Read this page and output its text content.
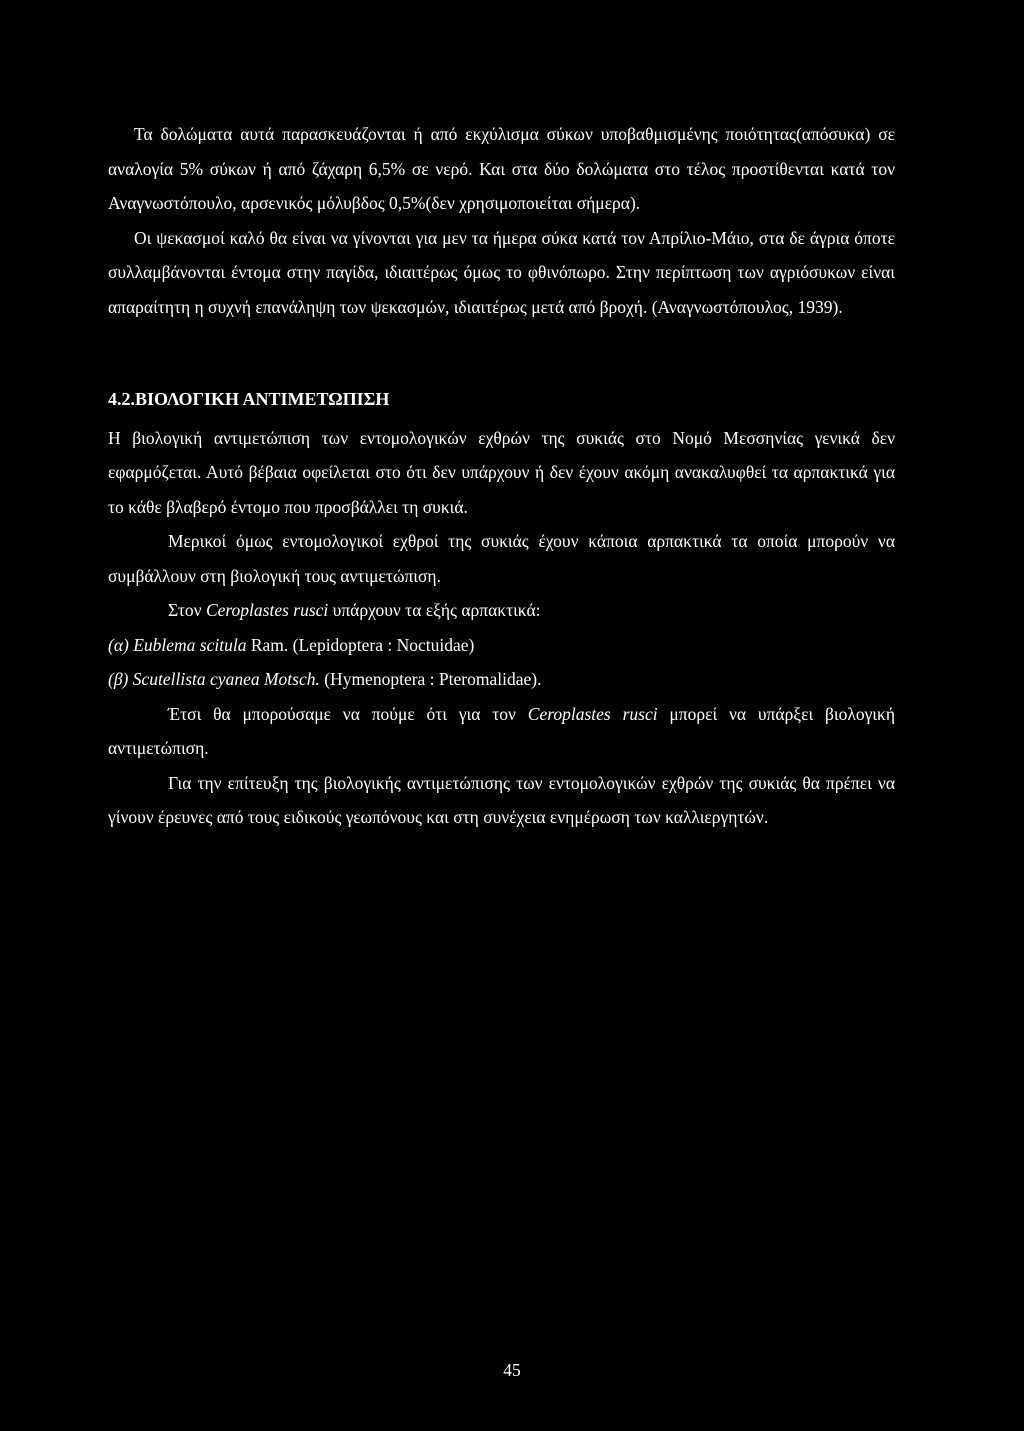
Τα δολώματα αυτά παρασκευάζονται ή από εκχύλισμα σύκων υποβαθμισμένης ποιότητας(απόσυκα) σε αναλογία 5% σύκων ή από ζάχαρη 6,5% σε νερό. Και στα δύο δολώματα στο τέλος προστίθενται κατά τον Αναγνωστόπουλο, αρσενικός μόλυβδος 0,5%(δεν χρησιμοποιείται σήμερα).

Οι ψεκασμοί καλό θα είναι να γίνονται για μεν τα ήμερα σύκα κατά τον Απρίλιο-Μάιο, στα δε άγρια όποτε συλλαμβάνονται έντομα στην παγίδα, ιδιαιτέρως όμως το φθινόπωρο. Στην περίπτωση των αγριόσυκων είναι απαραίτητη η συχνή επανάληψη των ψεκασμών, ιδιαιτέρως μετά από βροχή. (Αναγνωστόπουλος, 1939).

4.2.ΒΙΟΛΟΓΙΚΗ ΑΝΤΙΜΕΤΩΠΙΣΗ

Η βιολογική αντιμετώπιση των εντομολογικών εχθρών της συκιάς στο Νομό Μεσσηνίας γενικά δεν εφαρμόζεται. Αυτό βέβαια οφείλεται στο ότι δεν υπάρχουν ή δεν έχουν ακόμη ανακαλυφθεί τα αρπακτικά για το κάθε βλαβερό έντομο που προσβάλλει τη συκιά.

Μερικοί όμως εντομολογικοί εχθροί της συκιάς έχουν κάποια αρπακτικά τα οποία μπορούν να συμβάλλουν στη βιολογική τους αντιμετώπιση.

Στον Ceroplastes rusci υπάρχουν τα εξής αρπακτικά:

(α) Eublema scitula Ram. (Lepidoptera : Noctuidae)
(β) Scutellista cyanea Motsch. (Hymenoptera : Pteromalidae).

Έτσι θα μπορούσαμε να πούμε ότι για τον Ceroplastes rusci μπορεί να υπάρξει βιολογική αντιμετώπιση.

Για την επίτευξη της βιολογικής αντιμετώπισης των εντομολογικών εχθρών της συκιάς θα πρέπει να γίνουν έρευνες από τους ειδικούς γεωπόνους και στη συνέχεια ενημέρωση των καλλιεργητών.

45
